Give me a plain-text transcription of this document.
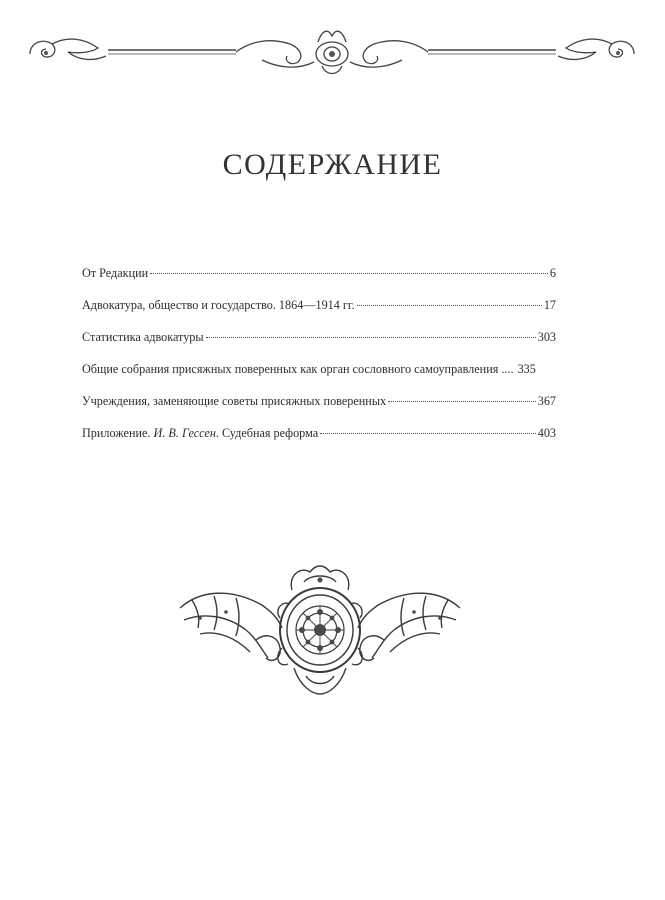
СОДЕРЖАНИЕ
От Редакции	6
Адвокатура, общество и государство. 1864—1914 гг.	17
Статистика адвокатуры	303
Общие собрания присяжных поверенных как орган сословного самоуправления .... 335
Учреждения, заменяющие советы присяжных поверенных	367
Приложение. И. В. Гессен. Судебная реформа	403
